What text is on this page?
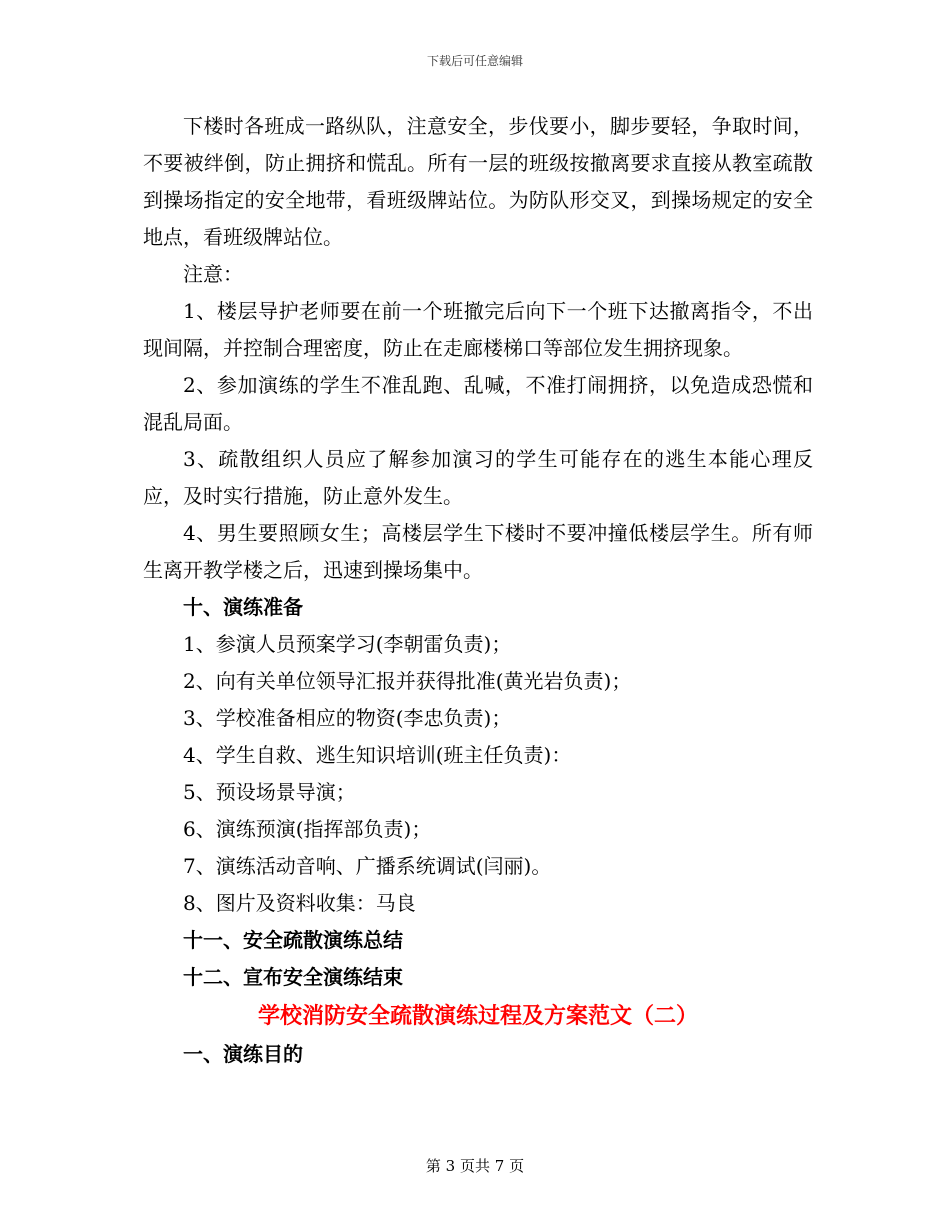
下载后可任意编辑

下楼时各班成一路纵队，注意安全，步伐要小，脚步要轻，争取时间，不要被绊倒，防止拥挤和慌乱。所有一层的班级按撤离要求直接从教室疏散到操场指定的安全地带，看班级牌站位。为防队形交叉，到操场规定的安全地点，看班级牌站位。

注意：

1、楼层导护老师要在前一个班撤完后向下一个班下达撤离指令，不出现间隔，并控制合理密度，防止在走廊楼梯口等部位发生拥挤现象。

2、参加演练的学生不准乱跑、乱喊，不准打闹拥挤，以免造成恐慌和混乱局面。

3、疏散组织人员应了解参加演习的学生可能存在的逃生本能心理反应，及时实行措施，防止意外发生。

4、男生要照顾女生；高楼层学生下楼时不要冲撞低楼层学生。所有师生离开教学楼之后，迅速到操场集中。

十、演练准备

1、参演人员预案学习(李朝雷负责)；

2、向有关单位领导汇报并获得批准(黄光岩负责)；

3、学校准备相应的物资(李忠负责)；

4、学生自救、逃生知识培训(班主任负责)：

5、预设场景导演；

6、演练预演(指挥部负责)；

7、演练活动音响、广播系统调试(闫丽)。

8、图片及资料收集：马良

十一、安全疏散演练总结

十二、宣布安全演练结束

学校消防安全疏散演练过程及方案范文（二）

一、演练目的

第 3 页共 7 页
